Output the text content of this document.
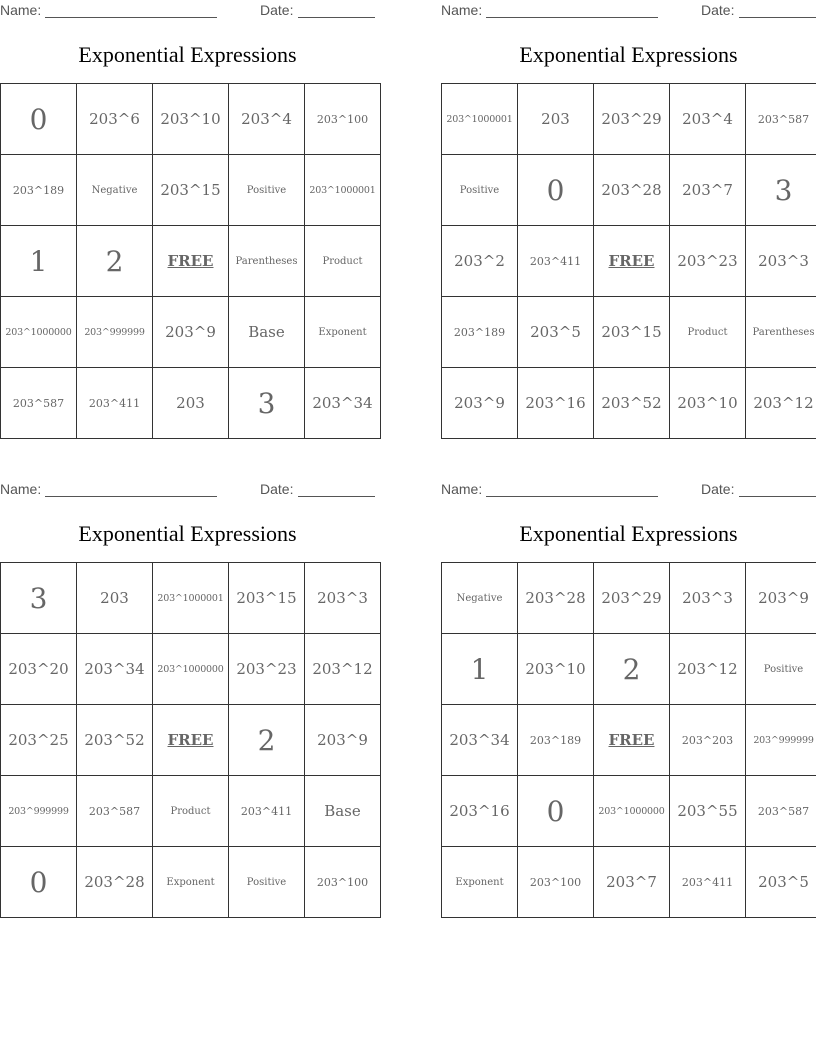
Name:	Date:
Exponential Expressions
0	203^6	203^10	203^4	203^100
203^189	Negative	203^15	Positive	203^1000001
1	2	FREE	Parentheses	Product
203^1000000	203^999999	203^9	Base	Exponent
203^587	203^411	203	3	203^34
Name:	Date:
Exponential Expressions
203^1000001	203	203^29	203^4	203^587
Positive	0	203^28	203^7	3
203^2	203^411	FREE	203^23	203^3
203^189	203^5	203^15	Product	Parentheses
203^9	203^16	203^52	203^10	203^12
Name:	Date:
Exponential Expressions
3	203	203^1000001	203^15	203^3
203^20	203^34	203^1000000	203^23	203^12
203^25	203^52	FREE	2	203^9
203^999999	203^587	Product	203^411	Base
0	203^28	Exponent	Positive	203^100
Name:	Date:
Exponential Expressions
Negative	203^28	203^29	203^3	203^9
1	203^10	2	203^12	Positive
203^34	203^189	FREE	203^203	203^999999
203^16	0	203^1000000	203^55	203^587
Exponent	203^100	203^7	203^411	203^5
